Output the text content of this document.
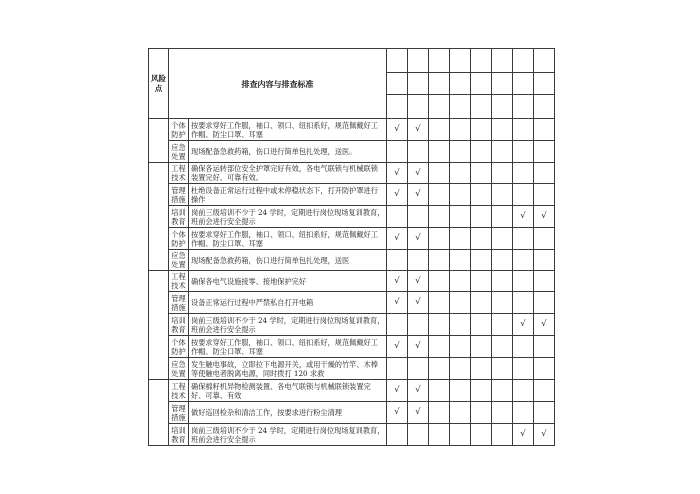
风险点	排查内容与排查标准									

	个体防护	按要求穿好工作服，袖口、领口、纽扣系好，规范佩戴好工作帽、防尘口罩、耳塞	√	√						
	应急处置	现场配备急救药箱，伤口进行简单包扎处理，送医。								
	工程技术	确保各运转部位安全护罩完好有效，各电气联锁与机械联锁装置完好、可靠有效。	√	√						
	管理措施	杜绝设备正常运行过程中或未停稳状态下，打开防护罩进行操作	√	√						
	培训教育	岗前三级培训不少于 24 学时，定期进行岗位现场复训教育，班前会进行安全提示							√	√
	个体防护	按要求穿好工作服，袖口、领口、纽扣系好，规范佩戴好工作帽、防尘口罩、耳塞	√	√						
	应急处置	现场配备急救药箱，伤口进行简单包扎处理，送医								
	工程技术	确保各电气设施接零、接地保护完好	√	√						
	管理措施	设备正常运行过程中严禁私自打开电箱	√	√						
	培训教育	岗前三级培训不少于 24 学时，定期进行岗位现场复训教育，班前会进行安全提示							√	√
	个体防护	按要求穿好工作服，袖口、领口、纽扣系好，规范佩戴好工作帽、防尘口罩、耳塞	√	√						
	应急处置	发生触电事故，立即拉下电源开关，或用干燥的竹竿、木棒等使触电者脱离电源，同时拨打 120 求救								
	工程技术	确保棉籽机异物检测装置、各电气联锁与机械联锁装置完好、可靠、有效	√	√						
	管理措施	做好巡回检杂和清洁工作，按要求进行粉尘清理	√	√						
	培训教育	岗前三级培训不少于 24 学时，定期进行岗位现场复训教育，班前会进行安全提示							√	√
